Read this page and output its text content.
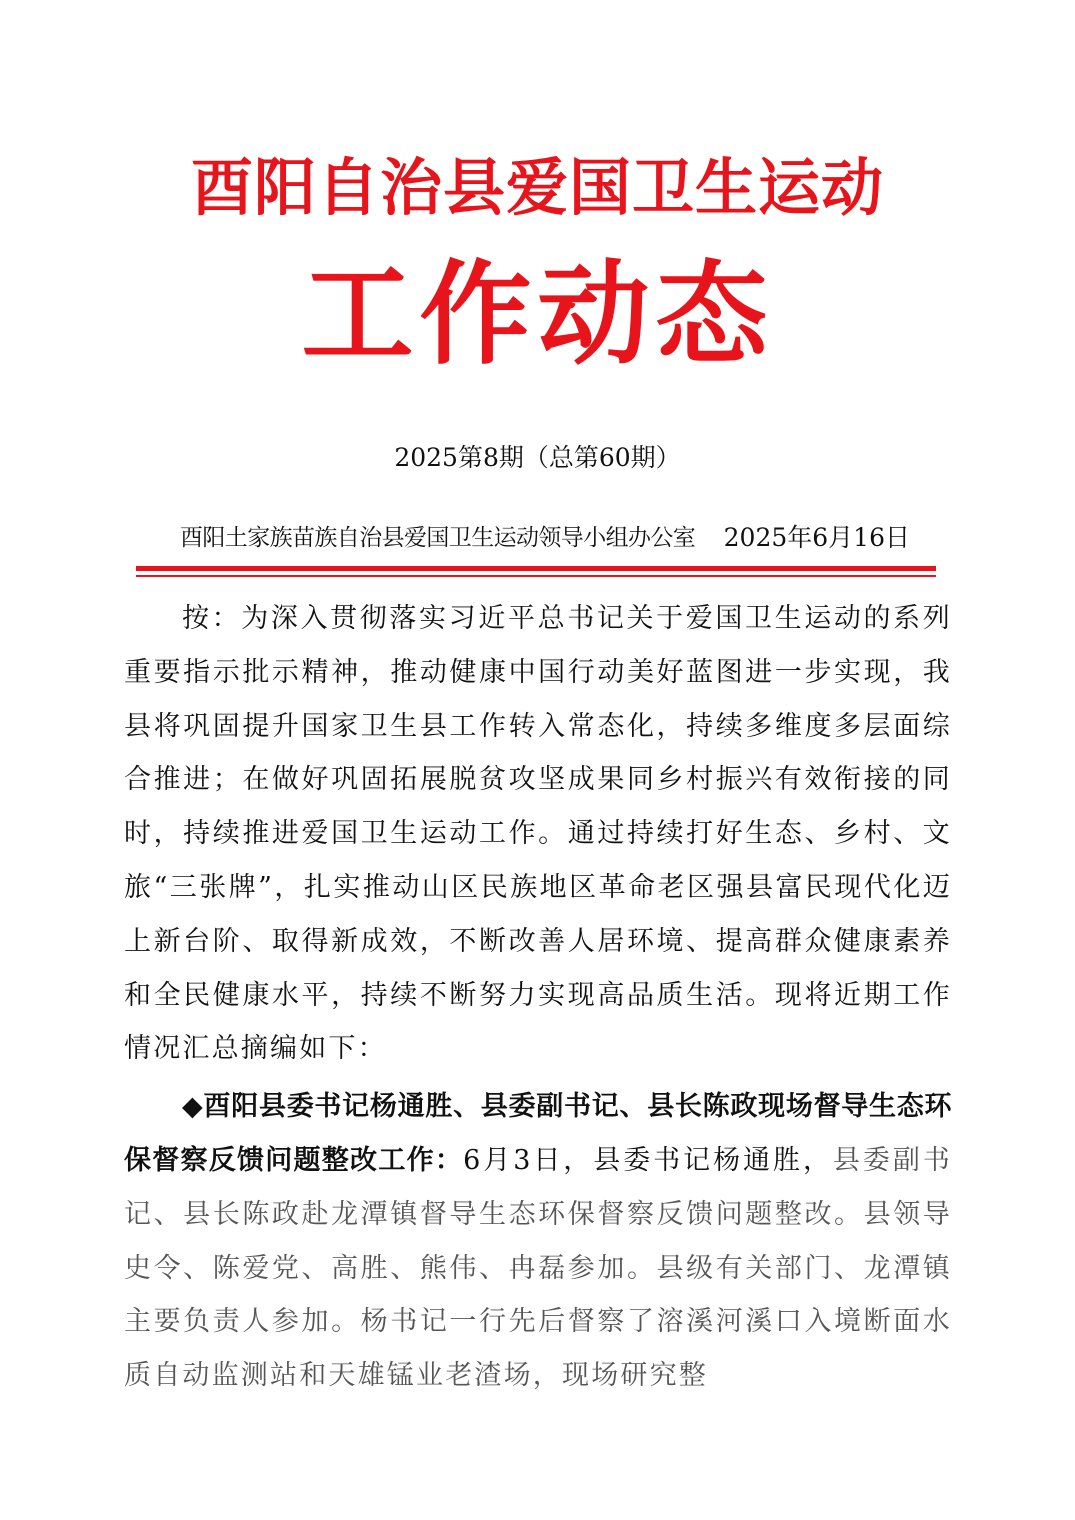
酉阳自治县爱国卫生运动
工作动态
2025第8期（总第60期）
酉阳土家族苗族自治县爱国卫生运动领导小组办公室 2025年6月16日

按：为深入贯彻落实习近平总书记关于爱国卫生运动的系列重要指示批示精神，推动健康中国行动美好蓝图进一步实现，我县将巩固提升国家卫生县工作转入常态化，持续多维度多层面综合推进；在做好巩固拓展脱贫攻坚成果同乡村振兴有效衔接的同时，持续推进爱国卫生运动工作。通过持续打好生态、乡村、文旅“三张牌”，扎实推动山区民族地区革命老区强县富民现代化迈上新台阶、取得新成效，不断改善人居环境、提高群众健康素养和全民健康水平，持续不断努力实现高品质生活。现将近期工作情况汇总摘编如下：

◆酉阳县委书记杨通胜、县委副书记、县长陈政现场督导生态环保督察反馈问题整改工作：6月3日，县委书记杨通胜，县委副书记、县长陈政赴龙潭镇督导生态环保督察反馈问题整改。县领导史令、陈爱党、高胜、熊伟、冉磊参加。县级有关部门、龙潭镇主要负责人参加。杨书记一行先后督察了溶溪河溪口入境断面水质自动监测站和天雄锰业老渣场，现场研究整
